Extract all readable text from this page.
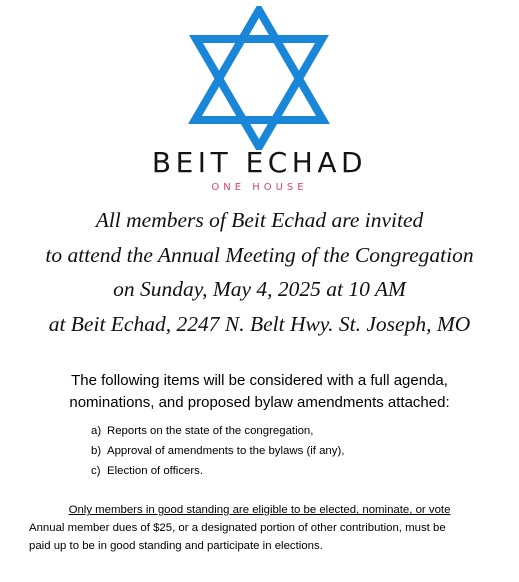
BEIT ECHAD
ONE HOUSE
All members of Beit Echad are invited
to attend the Annual Meeting of the Congregation
on Sunday, May 4, 2025 at 10 AM
at Beit Echad, 2247 N. Belt Hwy. St. Joseph, MO
The following items will be considered with a full agenda,
nominations, and proposed bylaw amendments attached:
a) Reports on the state of the congregation,
b) Approval of amendments to the bylaws (if any),
c) Election of officers.
Only members in good standing are eligible to be elected, nominate, or vote
Annual member dues of $25, or a designated portion of other contribution, must be
paid up to be in good standing and participate in elections.
